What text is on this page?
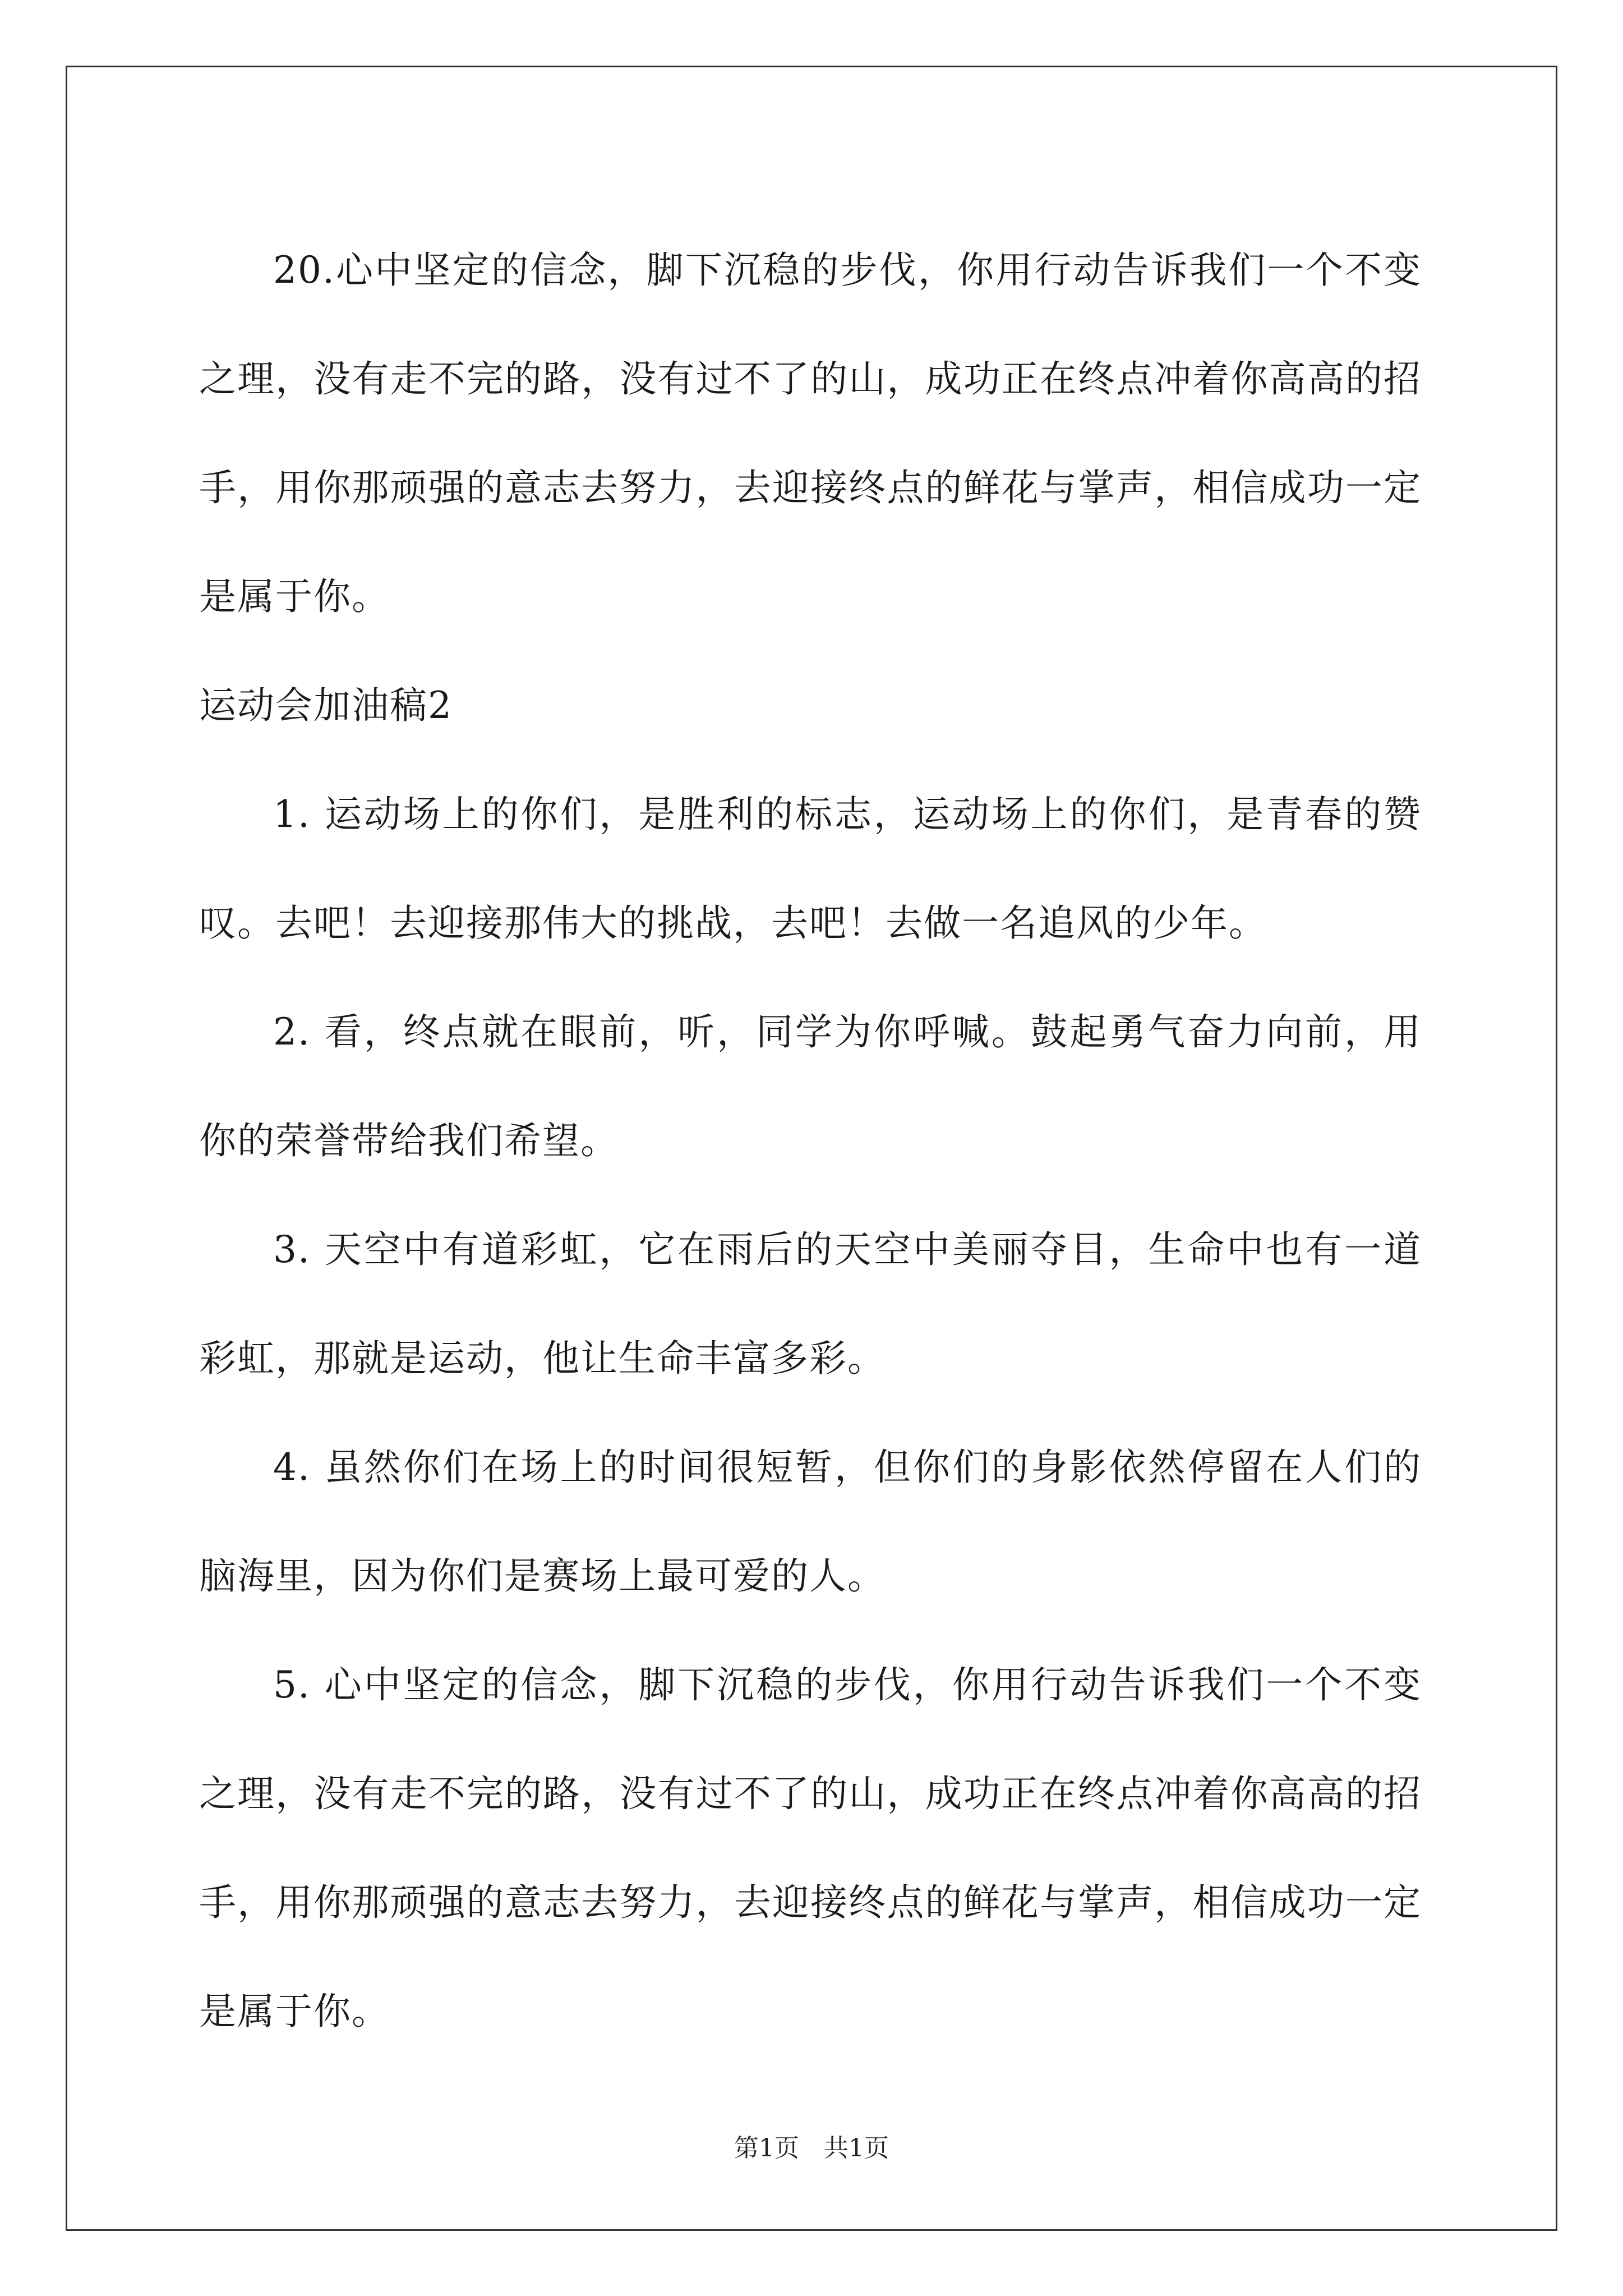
20.心中坚定的信念，脚下沉稳的步伐，你用行动告诉我们一个不变之理，没有走不完的路，没有过不了的山，成功正在终点冲着你高高的招手，用你那顽强的意志去努力，去迎接终点的鲜花与掌声，相信成功一定是属于你。

运动会加油稿2

1. 运动场上的你们，是胜利的标志，运动场上的你们，是青春的赞叹。去吧！去迎接那伟大的挑战，去吧！去做一名追风的少年。

2. 看，终点就在眼前，听，同学为你呼喊。鼓起勇气奋力向前，用你的荣誉带给我们希望。

3. 天空中有道彩虹，它在雨后的天空中美丽夺目，生命中也有一道彩虹，那就是运动，他让生命丰富多彩。

4. 虽然你们在场上的时间很短暂，但你们的身影依然停留在人们的脑海里，因为你们是赛场上最可爱的人。

5. 心中坚定的信念，脚下沉稳的步伐，你用行动告诉我们一个不变之理，没有走不完的路，没有过不了的山，成功正在终点冲着你高高的招手，用你那顽强的意志去努力，去迎接终点的鲜花与掌声，相信成功一定是属于你。

第1页　共1页
